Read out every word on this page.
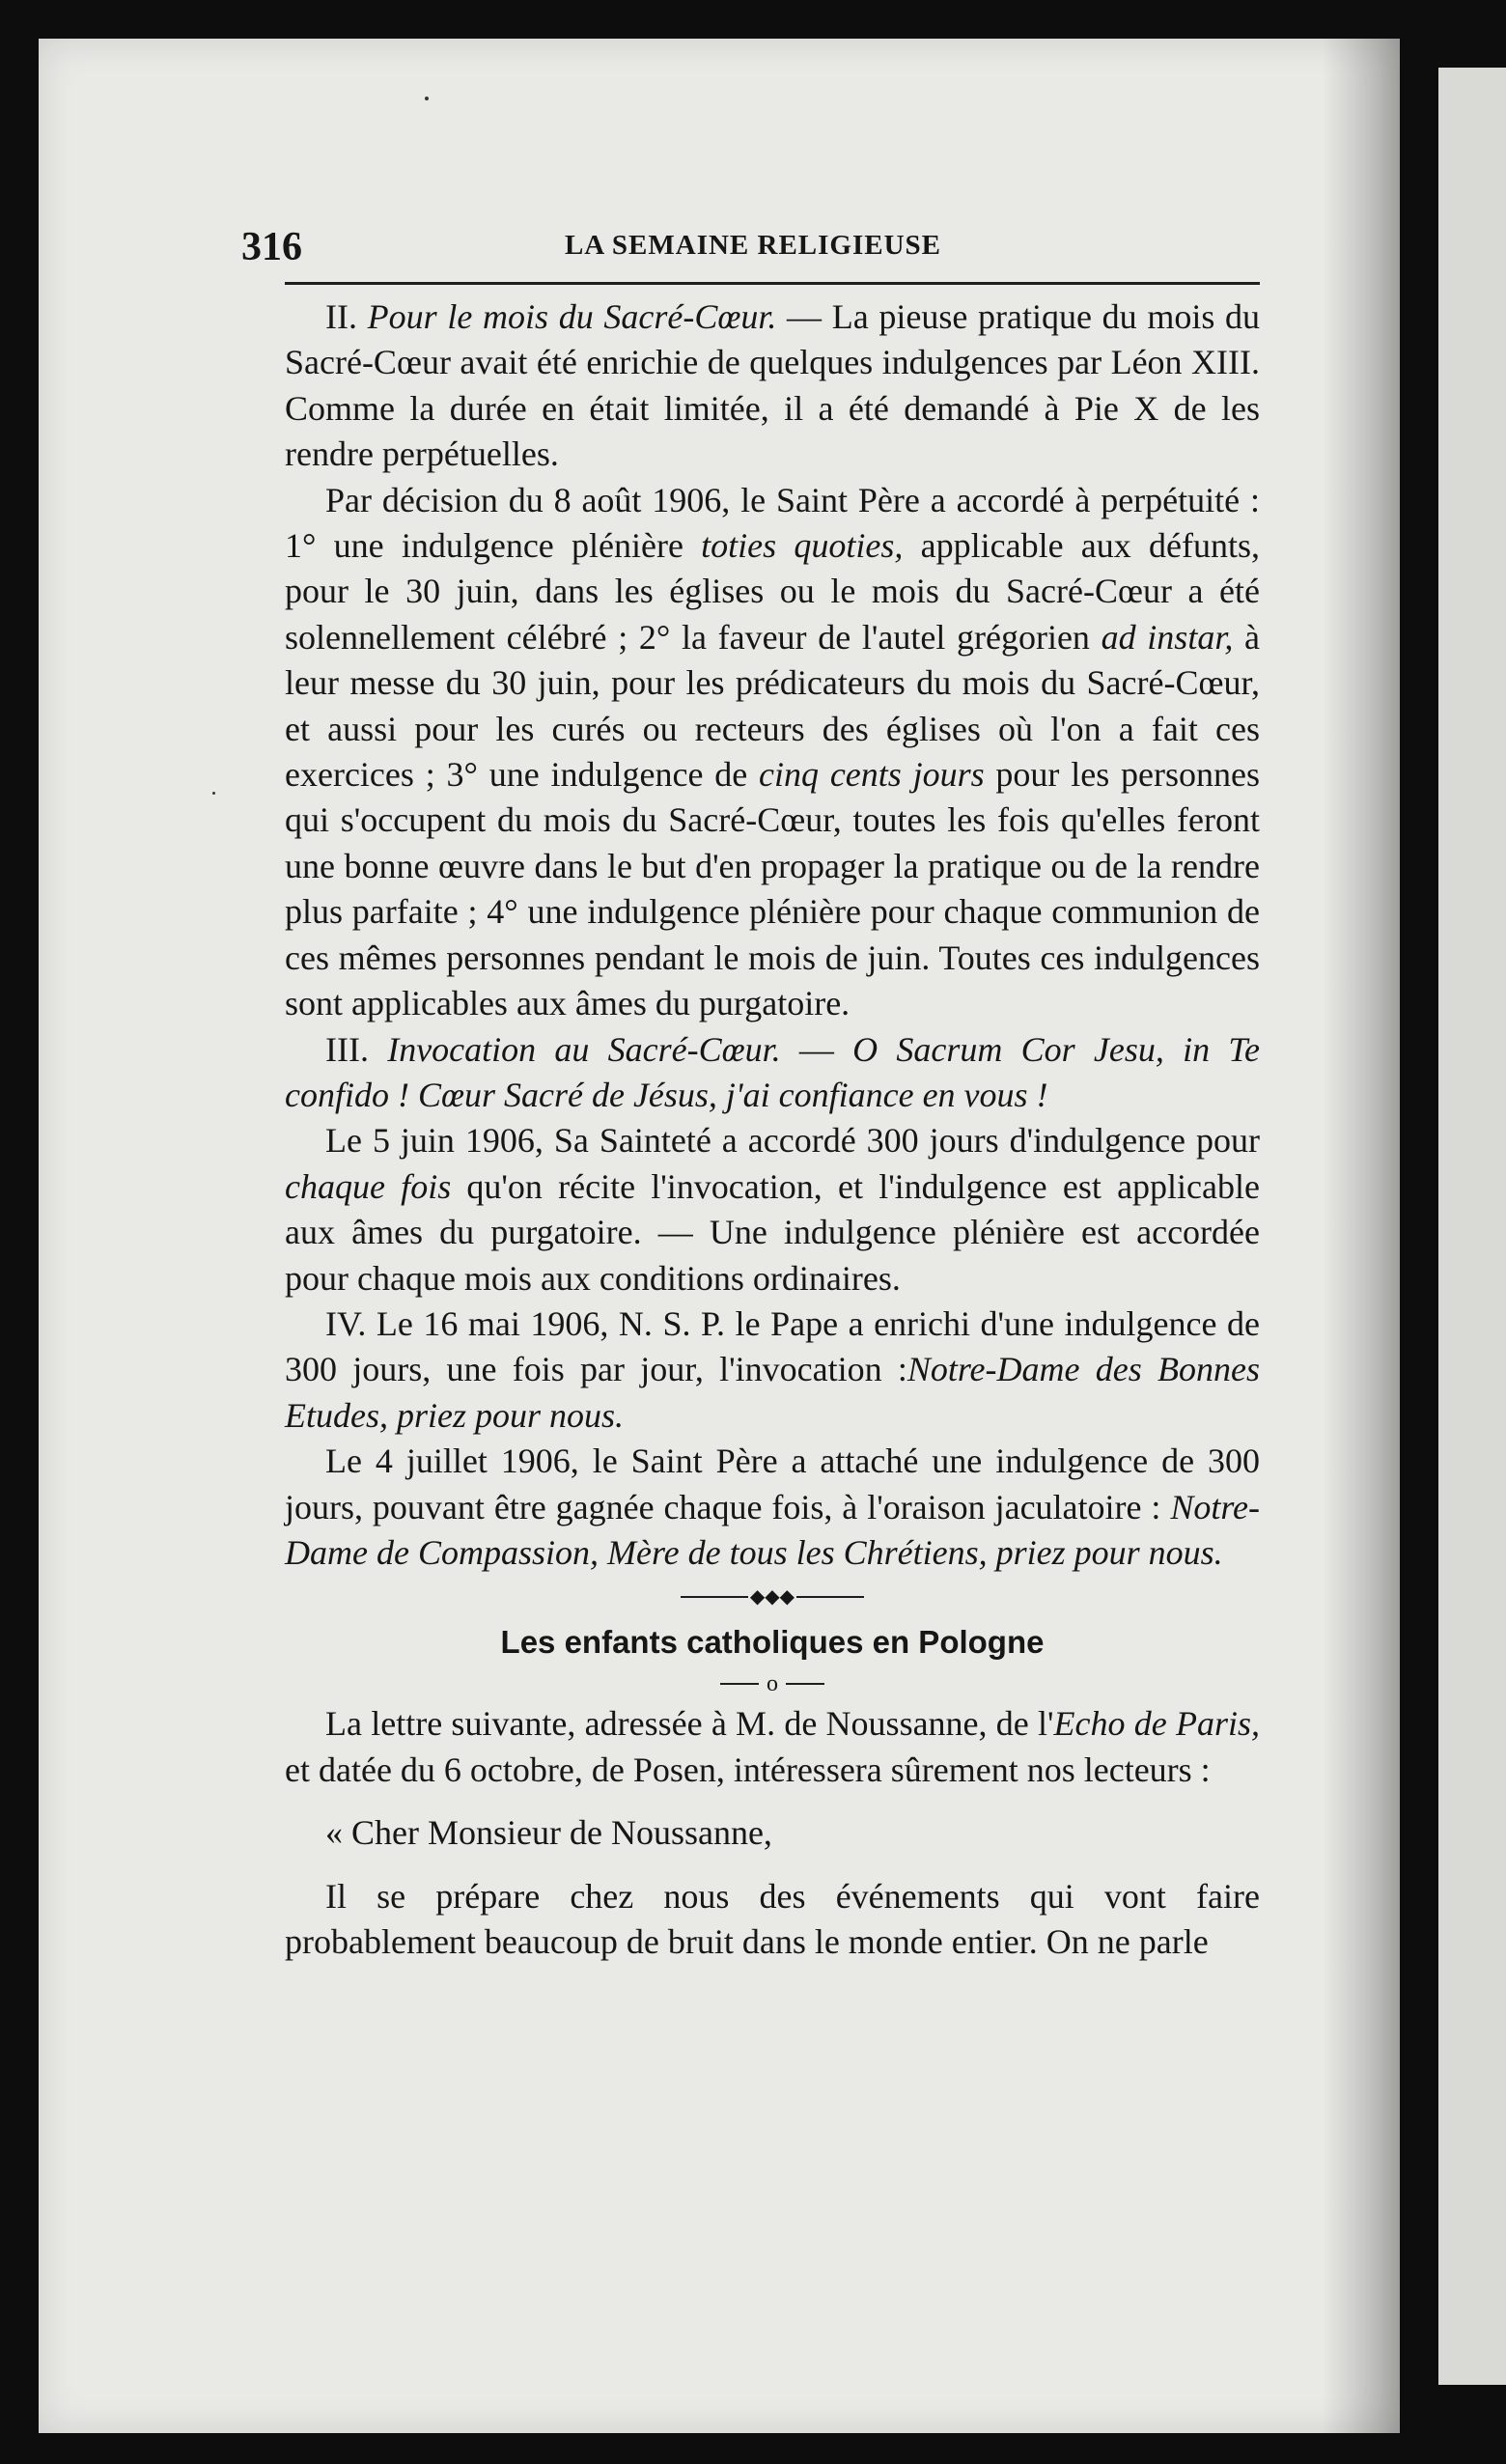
316	LA SEMAINE RELIGIEUSE

II. Pour le mois du Sacré-Cœur. — La pieuse pratique du mois du Sacré-Cœur avait été enrichie de quelques indulgences par Léon XIII. Comme la durée en était limitée, il a été demandé à Pie X de les rendre perpétuelles.

Par décision du 8 août 1906, le Saint Père a accordé à perpétuité : 1° une indulgence plénière toties quoties, applicable aux défunts, pour le 30 juin, dans les églises ou le mois du Sacré-Cœur a été solennellement célébré ; 2° la faveur de l'autel grégorien ad instar, à leur messe du 30 juin, pour les prédicateurs du mois du Sacré-Cœur, et aussi pour les curés ou recteurs des églises où l'on a fait ces exercices ; 3° une indulgence de cinq cents jours pour les personnes qui s'occupent du mois du Sacré-Cœur, toutes les fois qu'elles feront une bonne œuvre dans le but d'en propager la pratique ou de la rendre plus parfaite ; 4° une indulgence plénière pour chaque communion de ces mêmes personnes pendant le mois de juin. Toutes ces indulgences sont applicables aux âmes du purgatoire.

III. Invocation au Sacré-Cœur. — O Sacrum Cor Jesu, in Te confido ! Cœur Sacré de Jésus, j'ai confiance en vous !

Le 5 juin 1906, Sa Sainteté a accordé 300 jours d'indulgence pour chaque fois qu'on récite l'invocation, et l'indulgence est applicable aux âmes du purgatoire. — Une indulgence plénière est accordée pour chaque mois aux conditions ordinaires.

IV. Le 16 mai 1906, N. S. P. le Pape a enrichi d'une indulgence de 300 jours, une fois par jour, l'invocation :Notre-Dame des Bonnes Etudes, priez pour nous.

Le 4 juillet 1906, le Saint Père a attaché une indulgence de 300 jours, pouvant être gagnée chaque fois, à l'oraison jaculatoire : Notre-Dame de Compassion, Mère de tous les Chrétiens, priez pour nous.

◆◆◆
Les enfants catholiques en Pologne
o

La lettre suivante, adressée à M. de Noussanne, de l'Echo de Paris, et datée du 6 octobre, de Posen, intéressera sûrement nos lecteurs :

« Cher Monsieur de Noussanne,

Il se prépare chez nous des événements qui vont faire probablement beaucoup de bruit dans le monde entier. On ne parle
